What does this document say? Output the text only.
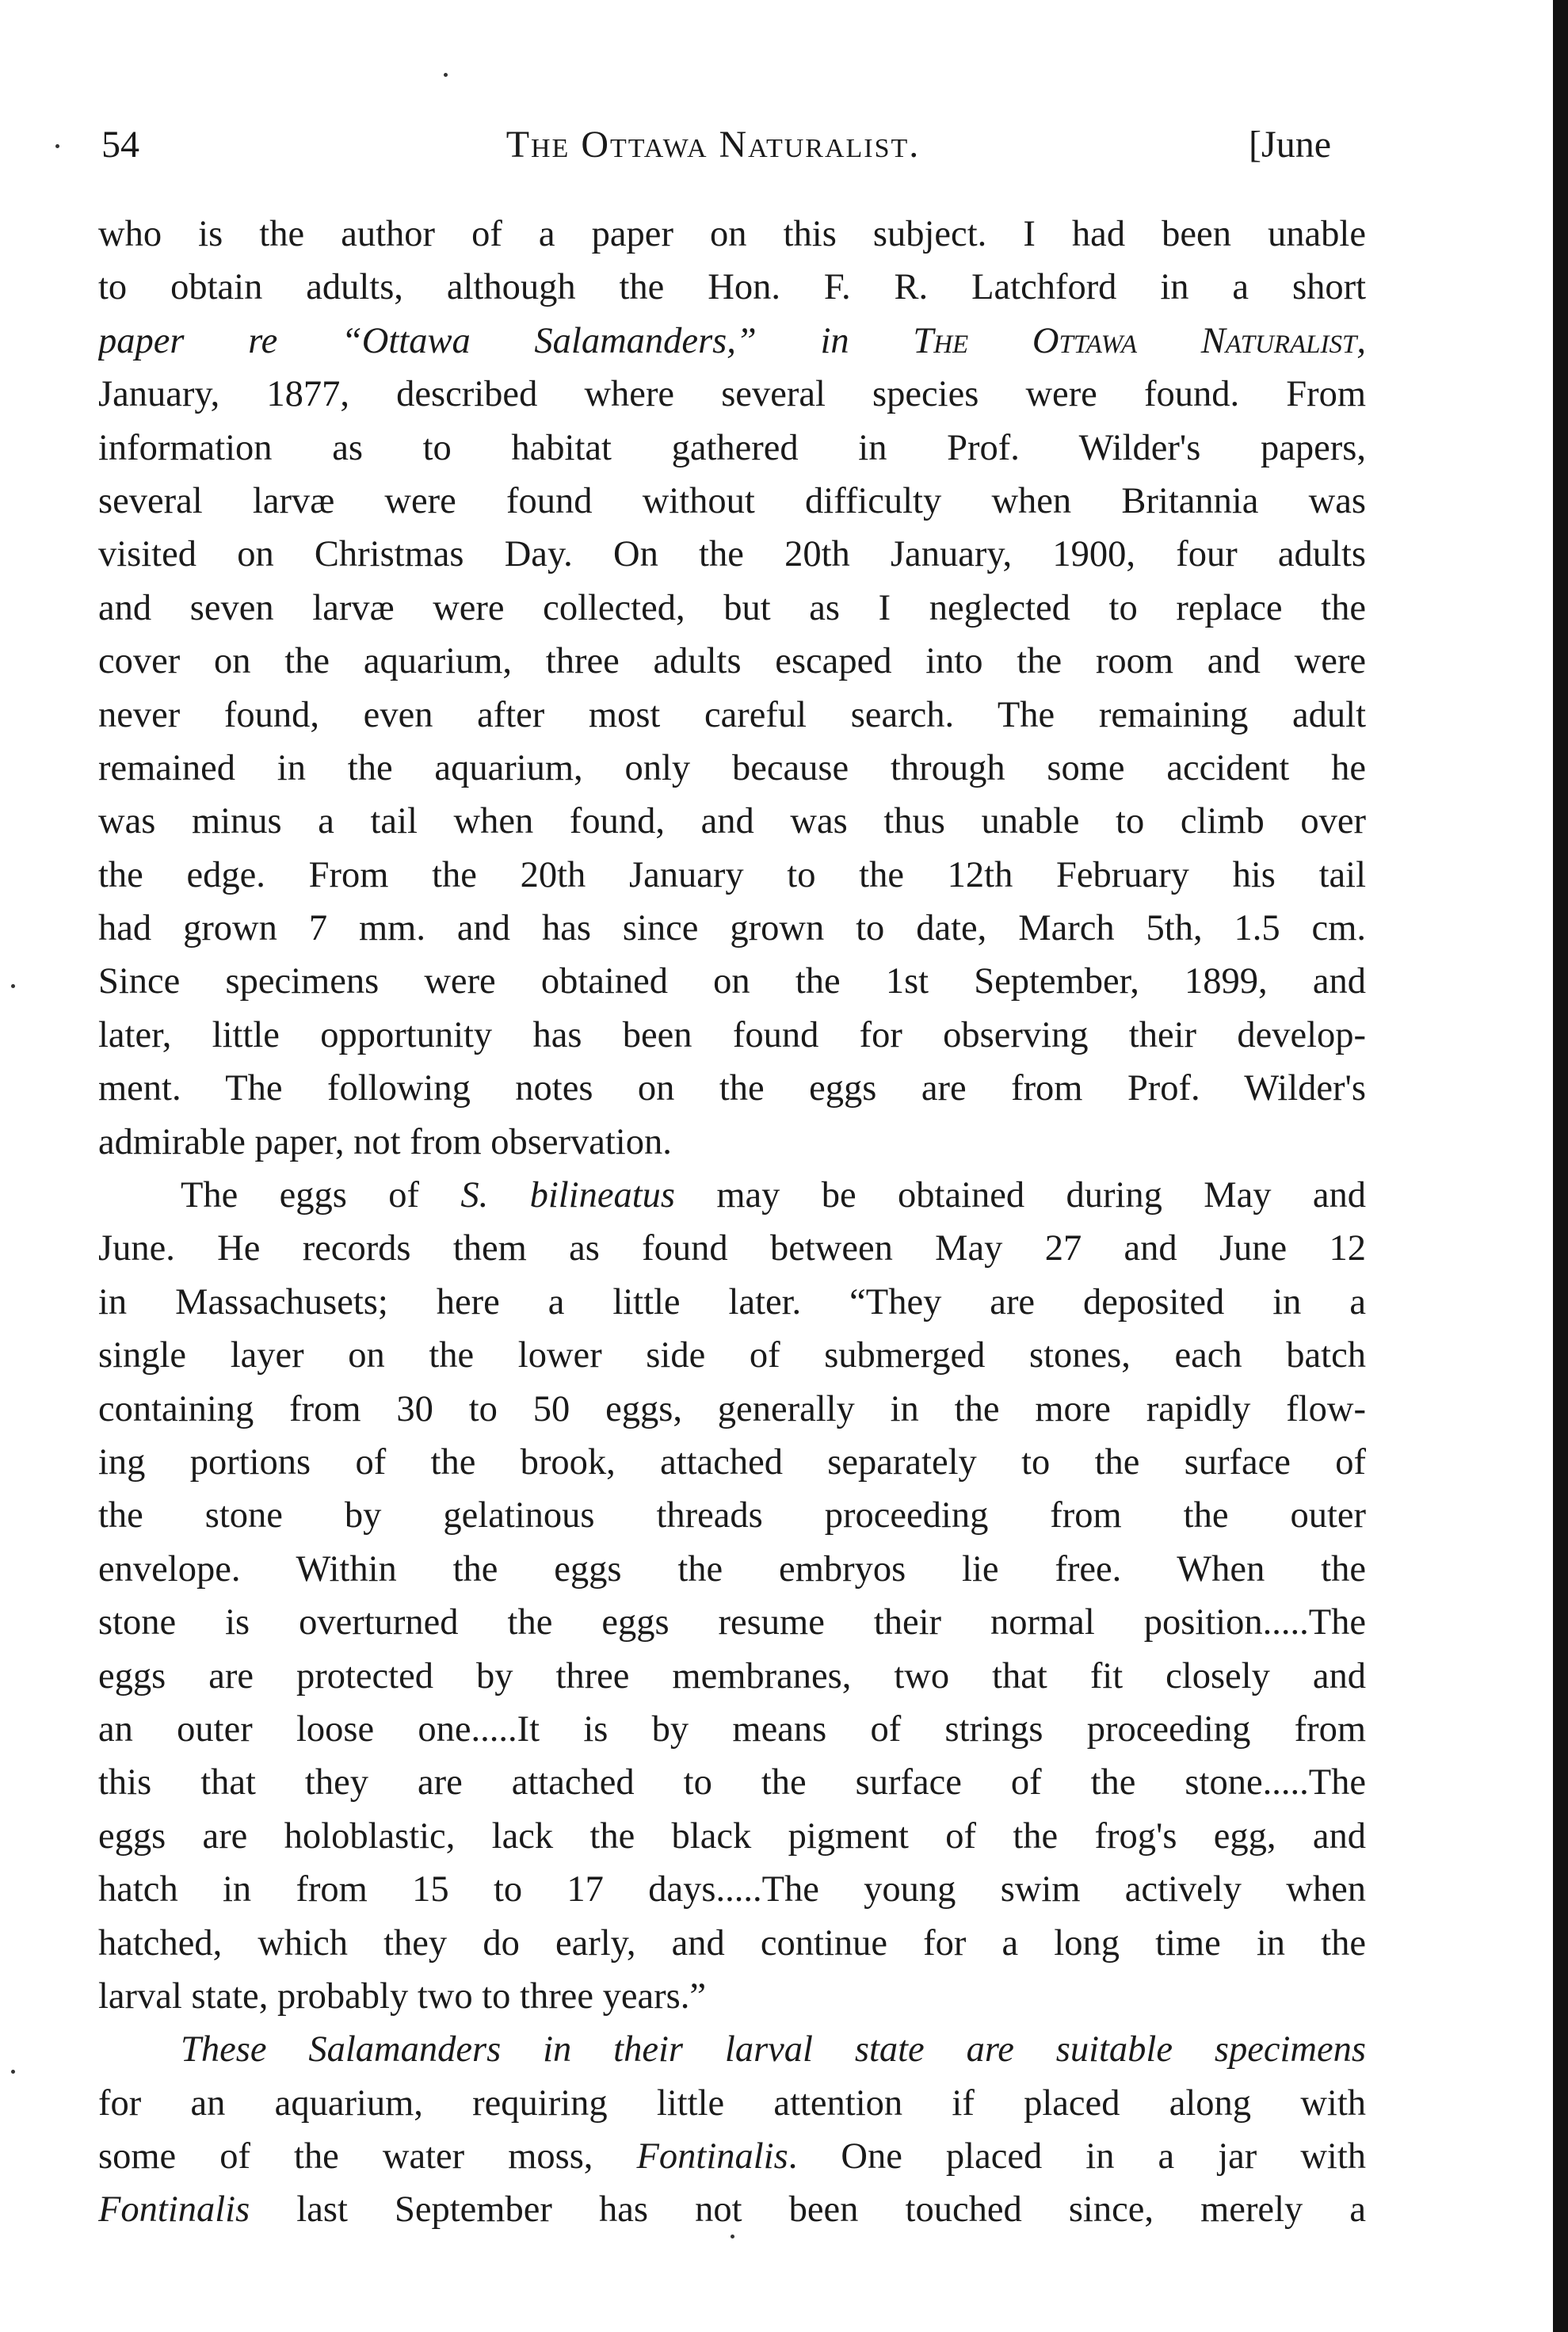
54	The Ottawa Naturalist.	[June
who is the author of a paper on this subject. I had been unable
to obtain adults, although the Hon. F. R. Latchford in a short
paper re “Ottawa Salamanders,” in The Ottawa Naturalist,
January, 1877, described where several species were found. From
information as to habitat gathered in Prof. Wilder's papers,
several larvæ were found without difficulty when Britannia was
visited on Christmas Day. On the 20th January, 1900, four adults
and seven larvæ were collected, but as I neglected to replace the
cover on the aquarium, three adults escaped into the room and were
never found, even after most careful search. The remaining adult
remained in the aquarium, only because through some accident he
was minus a tail when found, and was thus unable to climb over
the edge. From the 20th January to the 12th February his tail
had grown 7 mm. and has since grown to date, March 5th, 1.5 cm.
Since specimens were obtained on the 1st September, 1899, and
later, little opportunity has been found for observing their develop-
ment. The following notes on the eggs are from Prof. Wilder's
admirable paper, not from observation.
The eggs of S. bilineatus may be obtained during May and
June. He records them as found between May 27 and June 12
in Massachusets; here a little later. “They are deposited in a
single layer on the lower side of submerged stones, each batch
containing from 30 to 50 eggs, generally in the more rapidly flow-
ing portions of the brook, attached separately to the surface of
the stone by gelatinous threads proceeding from the outer
envelope. Within the eggs the embryos lie free. When the
stone is overturned the eggs resume their normal position.....The
eggs are protected by three membranes, two that fit closely and
an outer loose one.....It is by means of strings proceeding from
this that they are attached to the surface of the stone.....The
eggs are holoblastic, lack the black pigment of the frog's egg, and
hatch in from 15 to 17 days.....The young swim actively when
hatched, which they do early, and continue for a long time in the
larval state, probably two to three years.”
These Salamanders in their larval state are suitable specimens
for an aquarium, requiring little attention if placed along with
some of the water moss, Fontinalis. One placed in a jar with
Fontinalis last September has not been touched since, merely a
